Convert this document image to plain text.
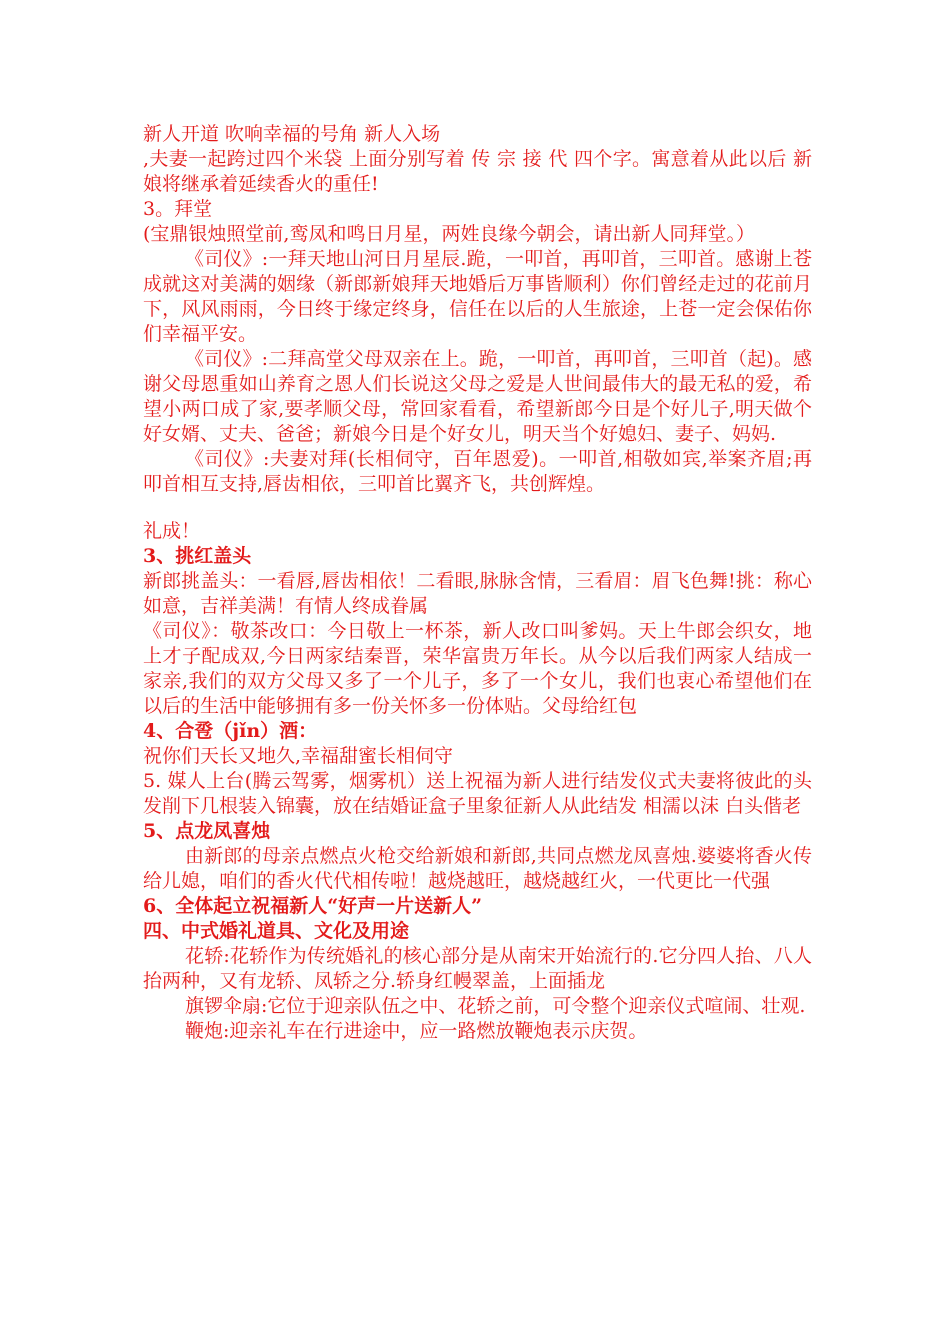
新人开道 吹响幸福的号角 新人入场

,夫妻一起跨过四个米袋 上面分别写着 传 宗 接 代 四个字。寓意着从此以后 新娘将继承着延续香火的重任!

3。拜堂

(宝鼎银烛照堂前,鸾凤和鸣日月星，两姓良缘今朝会，请出新人同拜堂。）

《司仪》:一拜天地山河日月星辰.跪，一叩首，再叩首，三叩首。感谢上苍成就这对美满的姻缘（新郎新娘拜天地婚后万事皆顺利）你们曾经走过的花前月下，风风雨雨，今日终于缘定终身，信任在以后的人生旅途，上苍一定会保佑你们幸福平安。

《司仪》:二拜高堂父母双亲在上。跪，一叩首，再叩首，三叩首（起)。感谢父母恩重如山养育之恩人们长说这父母之爱是人世间最伟大的最无私的爱，希望小两口成了家,要孝顺父母，常回家看看，希望新郎今日是个好儿子,明天做个好女婿、丈夫、爸爸；新娘今日是个好女儿，明天当个好媳妇、妻子、妈妈.

《司仪》:夫妻对拜(长相伺守，百年恩爱)。一叩首,相敬如宾,举案齐眉;再叩首相互支持,唇齿相依，三叩首比翼齐飞，共创辉煌。

礼成！

3、挑红盖头

新郎挑盖头：一看唇,唇齿相依！二看眼,脉脉含情，三看眉：眉飞色舞!挑：称心如意，吉祥美满！有情人终成眷属

《司仪》：敬茶改口：今日敬上一杯茶，新人改口叫爹妈。天上牛郎会织女，地上才子配成双,今日两家结秦晋，荣华富贵万年长。从今以后我们两家人结成一家亲,我们的双方父母又多了一个儿子，多了一个女儿，我们也衷心希望他们在以后的生活中能够拥有多一份关怀多一份体贴。父母给红包

4、合卺（jǐn）酒：

祝你们天长又地久,幸福甜蜜长相伺守

5. 媒人上台(腾云驾雾，烟雾机）送上祝福为新人进行结发仪式夫妻将彼此的头发削下几根装入锦囊，放在结婚证盒子里象征新人从此结发 相濡以沫 白头偕老

5、点龙凤喜烛

由新郎的母亲点燃点火枪交给新娘和新郎,共同点燃龙凤喜烛.婆婆将香火传给儿媳，咱们的香火代代相传啦！越烧越旺，越烧越红火，一代更比一代强

6、全体起立祝福新人“好声一片送新人”

四、中式婚礼道具、文化及用途

花轿:花轿作为传统婚礼的核心部分是从南宋开始流行的.它分四人抬、八人抬两种，又有龙轿、凤轿之分.轿身红幔翠盖，上面插龙

旗锣伞扇:它位于迎亲队伍之中、花轿之前，可令整个迎亲仪式喧闹、壮观.

鞭炮:迎亲礼车在行进途中，应一路燃放鞭炮表示庆贺。
